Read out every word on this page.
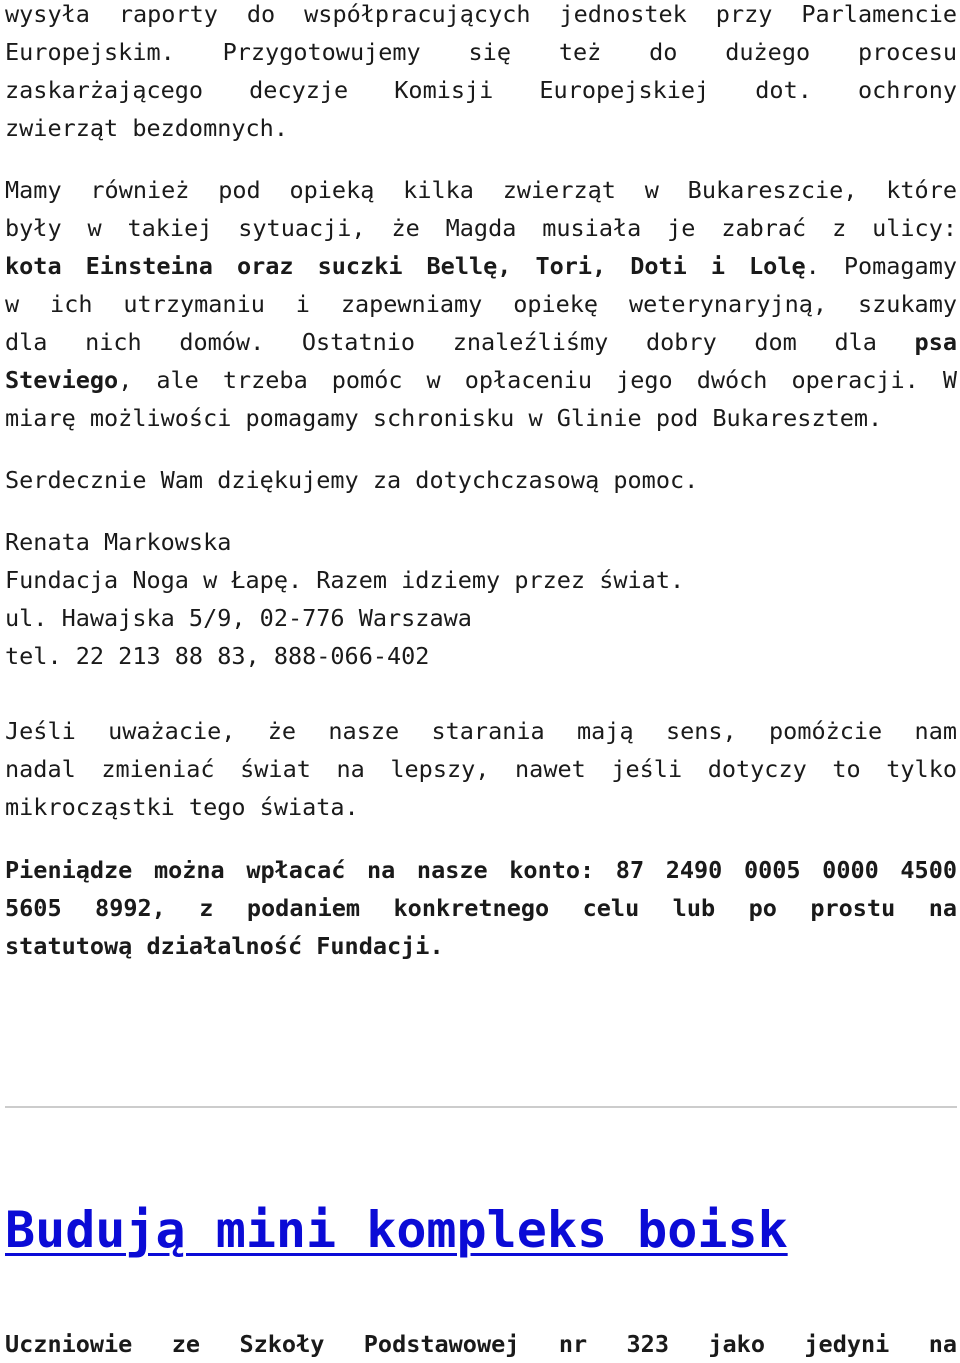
wysyła raporty do współpracujących jednostek przy Parlamencie
Europejskim. Przygotowujemy się też do dużego procesu
zaskarżającego decyzje Komisji Europejskiej dot. ochrony
zwierząt bezdomnych.

Mamy również pod opieką kilka zwierząt w Bukareszcie, które
były w takiej sytuacji, że Magda musiała je zabrać z ulicy:
kota Einsteina oraz suczki Bellę, Tori, Doti i Lolę. Pomagamy
w ich utrzymaniu i zapewniamy opiekę weterynaryjną, szukamy
dla nich domów. Ostatnio znaleźliśmy dobry dom dla psa
Steviego, ale trzeba pomóc w opłaceniu jego dwóch operacji. W
miarę możliwości pomagamy schronisku w Glinie pod Bukaresztem.

Serdecznie Wam dziękujemy za dotychczasową pomoc.

Renata Markowska
Fundacja Noga w Łapę. Razem idziemy przez świat.
ul. Hawajska 5/9, 02-776 Warszawa
tel. 22 213 88 83, 888-066-402

Jeśli uważacie, że nasze starania mają sens, pomóżcie nam
nadal zmieniać świat na lepszy, nawet jeśli dotyczy to tylko
mikrocząstki tego świata.

Pieniądze można wpłacać na nasze konto: 87 2490 0005 0000 4500
5605 8992, z podaniem konkretnego celu lub po prostu na
statutową działalność Fundacji.

Budują mini kompleks boisk

Uczniowie ze Szkoły Podstawowej nr 323 jako jedyni na
